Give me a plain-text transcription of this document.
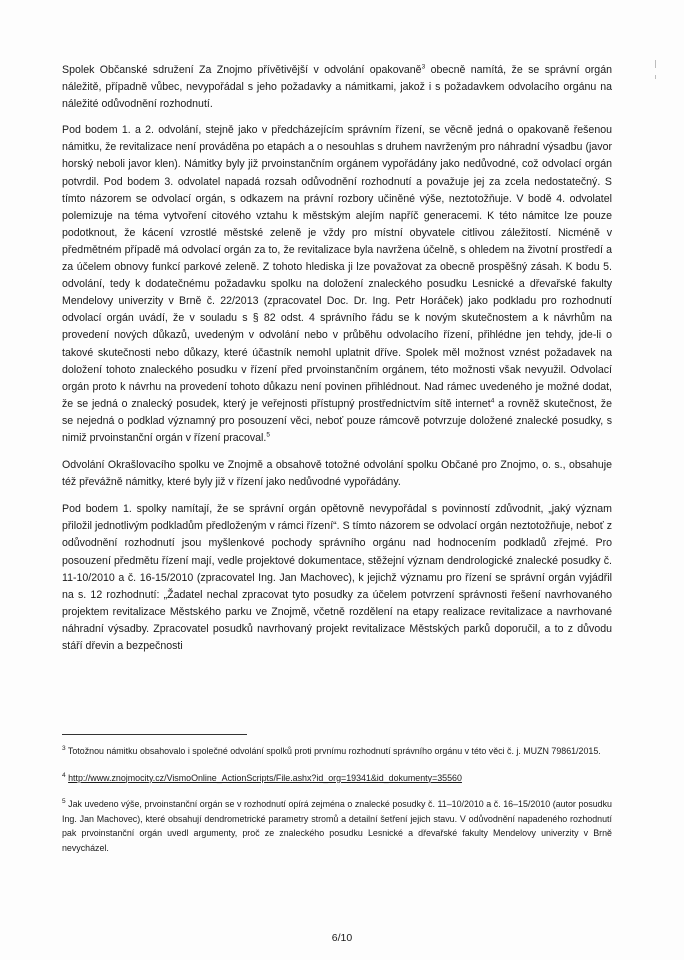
Spolek Občanské sdružení Za Znojmo přívětivější v odvolání opakovaně$^3$ obecně namítá, že se správní orgán náležitě, případně vůbec, nevypořádal s jeho požadavky a námitkami, jakož i s požadavkem odvolacího orgánu na náležité odůvodnění rozhodnutí.

Pod bodem 1. a 2. odvolání, stejně jako v předcházejícím správním řízení, se věcně jedná o opakovaně řešenou námitku, že revitalizace není prováděna po etapách a o nesouhlas s druhem navrženým pro náhradní výsadbu (javor horský neboli javor klen). Námitky byly již prvoinstančním orgánem vypořádány jako nedůvodné, což odvolací orgán potvrdil. Pod bodem 3. odvolatel napadá rozsah odůvodnění rozhodnutí a považuje jej za zcela nedostatečný. S tímto názorem se odvolací orgán, s odkazem na právní rozbory učiněné výše, neztotožňuje. V bodě 4. odvolatel polemizuje na téma vytvoření citového vztahu k městským alejím napříč generacemi. K této námitce lze pouze podotknout, že kácení vzrostlé městské zeleně je vždy pro místní obyvatele citlivou záležitostí. Nicméně v předmětném případě má odvolací orgán za to, že revitalizace byla navržena účelně, s ohledem na životní prostředí a za účelem obnovy funkcí parkové zeleně. Z tohoto hlediska ji lze považovat za obecně prospěšný zásah. K bodu 5. odvolání, tedy k dodatečnému požadavku spolku na doložení znaleckého posudku Lesnické a dřevařské fakulty Mendelovy univerzity v Brně č. 22/2013 (zpracovatel Doc. Dr. Ing. Petr Horáček) jako podkladu pro rozhodnutí odvolací orgán uvádí, že v souladu s § 82 odst. 4 správního řádu se k novým skutečnostem a k návrhům na provedení nových důkazů, uvedeným v odvolání nebo v průběhu odvolacího řízení, přihlédne jen tehdy, jde-li o takové skutečnosti nebo důkazy, které účastník nemohl uplatnit dříve. Spolek měl možnost vznést požadavek na doložení tohoto znaleckého posudku v řízení před prvoinstančním orgánem, této možnosti však nevyužil. Odvolací orgán proto k návrhu na provedení tohoto důkazu není povinen přihlédnout. Nad rámec uvedeného je možné dodat, že se jedná o znalecký posudek, který je veřejnosti přístupný prostřednictvím sítě internet$^4$ a rovněž skutečnost, že se nejedná o podklad významný pro posouzení věci, neboť pouze rámcově potvrzuje doložené znalecké posudky, s nimiž prvoinstanční orgán v řízení pracoval.$^5$

Odvolání Okrašlovacího spolku ve Znojmě a obsahově totožné odvolání spolku Občané pro Znojmo, o. s., obsahuje též převážně námitky, které byly již v řízení jako nedůvodné vypořádány.

Pod bodem 1. spolky namítají, že se správní orgán opětovně nevypořádal s povinností zdůvodnit, „jaký význam přiložil jednotlivým podkladům předloženým v rámci řízení“. S tímto názorem se odvolací orgán neztotožňuje, neboť z odůvodnění rozhodnutí jsou myšlenkové pochody správního orgánu nad hodnocením podkladů zřejmé. Pro posouzení předmětu řízení mají, vedle projektové dokumentace, stěžejní význam dendrologické znalecké posudky č. 11-10/2010 a č. 16-15/2010 (zpracovatel Ing. Jan Machovec), k jejichž významu pro řízení se správní orgán vyjádřil na s. 12 rozhodnutí: „Žadatel nechal zpracovat tyto posudky za účelem potvrzení správnosti řešení navrhovaného projektem revitalizace Městského parku ve Znojmě, včetně rozdělení na etapy realizace revitalizace a navrhované náhradní výsadby. Zpracovatel posudků navrhovaný projekt revitalizace Městských parků doporučil, a to z důvodu stáří dřevin a bezpečnosti

$^3$ Totožnou námitku obsahovalo i společné odvolání spolků proti prvnímu rozhodnutí správního orgánu v této věci č. j. MUZN 79861/2015.
$^4$ http://www.znojmocity.cz/VismoOnline_ActionScripts/File.ashx?id_org=19341&id_dokumenty=35560
$^5$ Jak uvedeno výše, prvoinstanční orgán se v rozhodnutí opírá zejména o znalecké posudky č. 11–10/2010 a č. 16–15/2010 (autor posudku Ing. Jan Machovec), které obsahují dendrometrické parametry stromů a detailní šetření jejich stavu. V odůvodnění napadeného rozhodnutí pak prvoinstanční orgán uvedl argumenty, proč ze znaleckého posudku Lesnické a dřevařské fakulty Mendelovy univerzity v Brně nevycházel.
6/10
